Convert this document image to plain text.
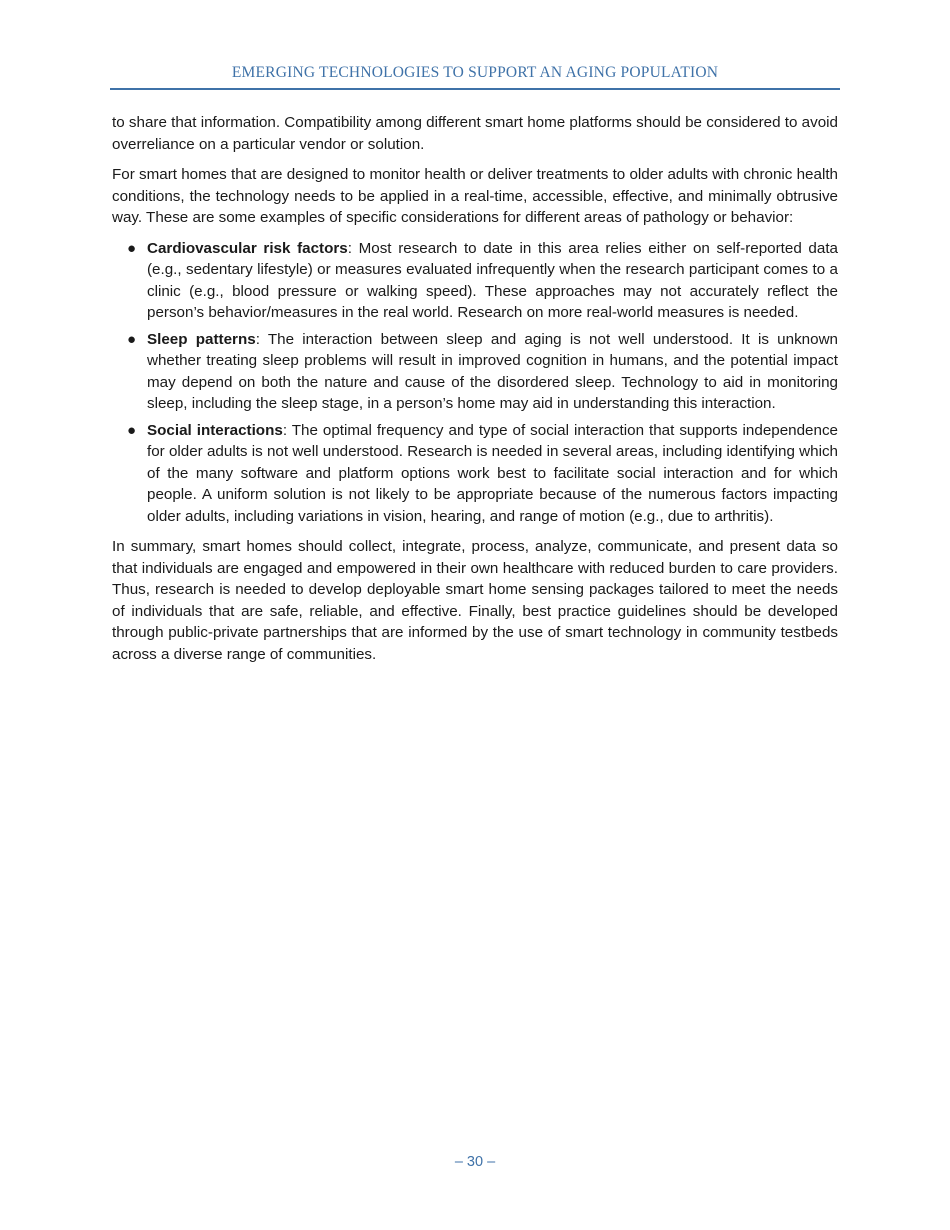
EMERGING TECHNOLOGIES TO SUPPORT AN AGING POPULATION

to share that information. Compatibility among different smart home platforms should be considered to avoid overreliance on a particular vendor or solution.

For smart homes that are designed to monitor health or deliver treatments to older adults with chronic health conditions, the technology needs to be applied in a real-time, accessible, effective, and minimally obtrusive way. These are some examples of specific considerations for different areas of pathology or behavior:

● Cardiovascular risk factors: Most research to date in this area relies either on self-reported data (e.g., sedentary lifestyle) or measures evaluated infrequently when the research participant comes to a clinic (e.g., blood pressure or walking speed). These approaches may not accurately reflect the person’s behavior/measures in the real world. Research on more real-world measures is needed.
● Sleep patterns: The interaction between sleep and aging is not well understood. It is unknown whether treating sleep problems will result in improved cognition in humans, and the potential impact may depend on both the nature and cause of the disordered sleep. Technology to aid in monitoring sleep, including the sleep stage, in a person’s home may aid in understanding this interaction.
● Social interactions: The optimal frequency and type of social interaction that supports independence for older adults is not well understood. Research is needed in several areas, including identifying which of the many software and platform options work best to facilitate social interaction and for which people. A uniform solution is not likely to be appropriate because of the numerous factors impacting older adults, including variations in vision, hearing, and range of motion (e.g., due to arthritis).

In summary, smart homes should collect, integrate, process, analyze, communicate, and present data so that individuals are engaged and empowered in their own healthcare with reduced burden to care providers. Thus, research is needed to develop deployable smart home sensing packages tailored to meet the needs of individuals that are safe, reliable, and effective. Finally, best practice guidelines should be developed through public-private partnerships that are informed by the use of smart technology in community testbeds across a diverse range of communities.

– 30 –
